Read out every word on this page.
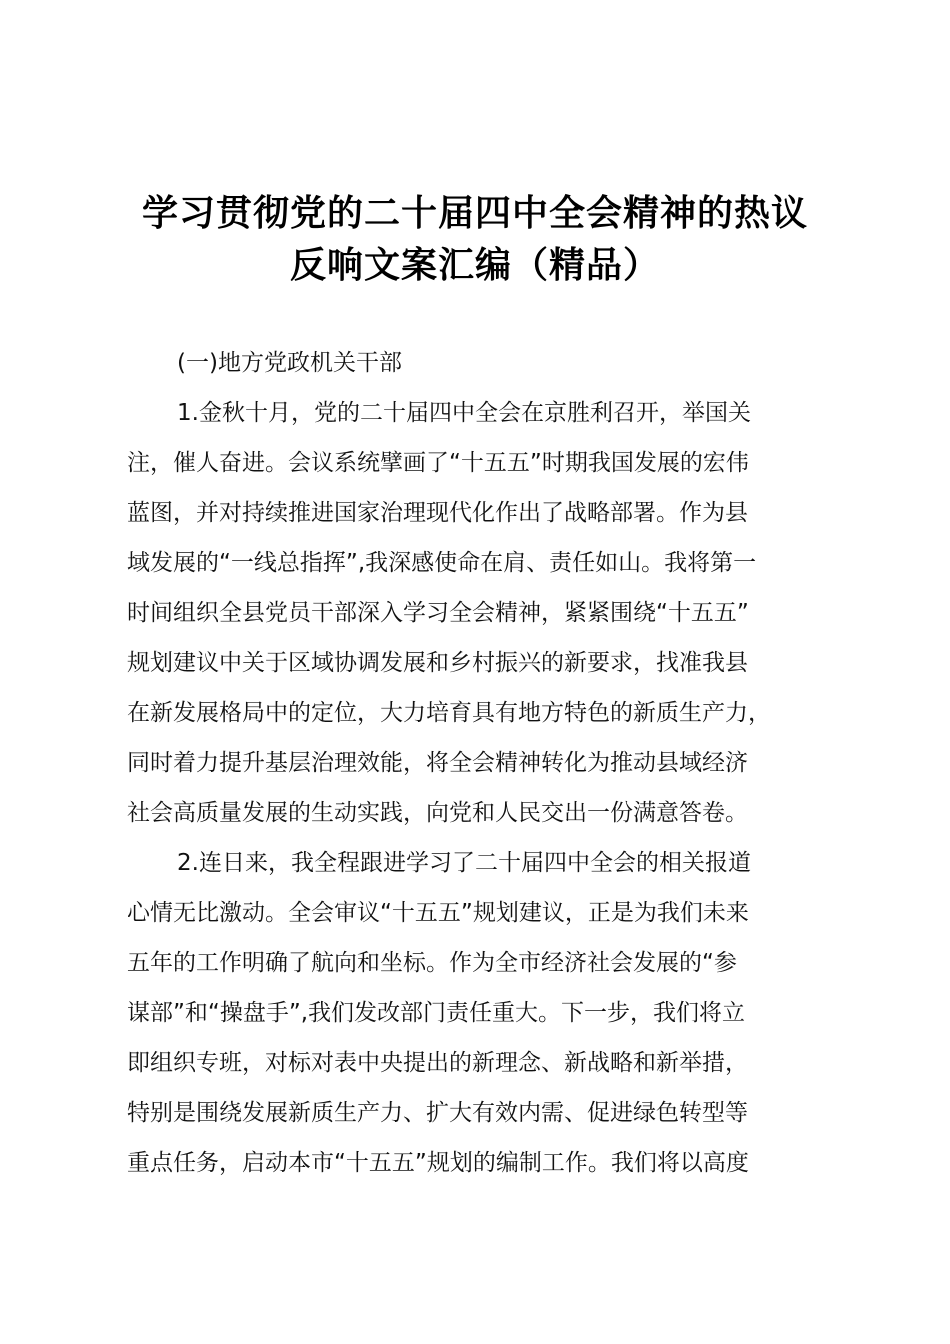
学习贯彻党的二十届四中全会精神的热议
反响文案汇编（精品）
(一)地方党政机关干部
1.金秋十月，党的二十届四中全会在京胜利召开，举国关
注，催人奋进。会议系统擘画了“十五五”时期我国发展的宏伟
蓝图，并对持续推进国家治理现代化作出了战略部署。作为县
域发展的“一线总指挥”,我深感使命在肩、责任如山。我将第一
时间组织全县党员干部深入学习全会精神，紧紧围绕“十五五”
规划建议中关于区域协调发展和乡村振兴的新要求，找准我县
在新发展格局中的定位，大力培育具有地方特色的新质生产力，
同时着力提升基层治理效能，将全会精神转化为推动县域经济
社会高质量发展的生动实践，向党和人民交出一份满意答卷。
2.连日来，我全程跟进学习了二十届四中全会的相关报道
心情无比激动。全会审议“十五五”规划建议，正是为我们未来
五年的工作明确了航向和坐标。作为全市经济社会发展的“参
谋部”和“操盘手”,我们发改部门责任重大。下一步，我们将立
即组织专班，对标对表中央提出的新理念、新战略和新举措，
特别是围绕发展新质生产力、扩大有效内需、促进绿色转型等
重点任务，启动本市“十五五”规划的编制工作。我们将以高度
